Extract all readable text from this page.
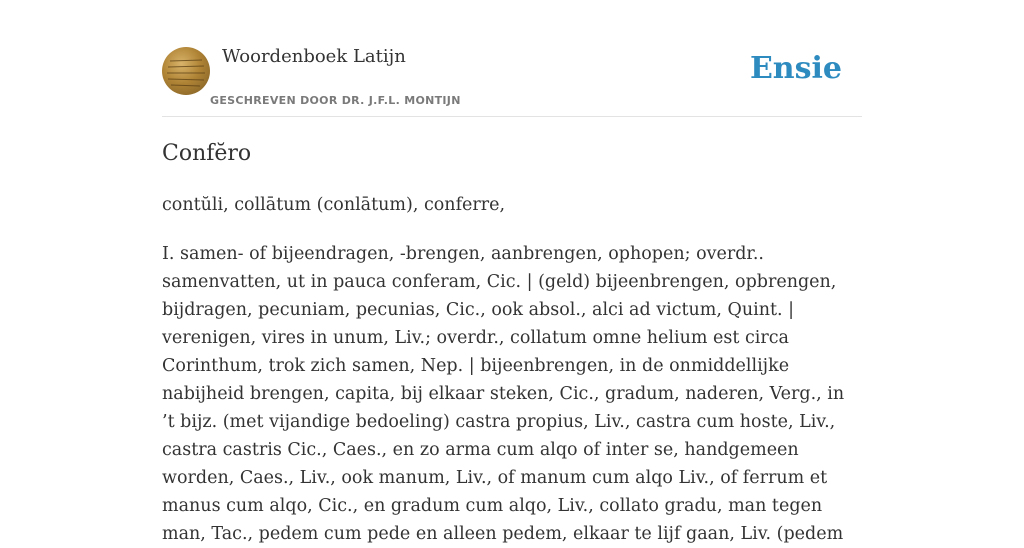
Woordenboek Latijn
GESCHREVEN DOOR DR. J.F.L. MONTIJN
Ensie
Confĕro
contŭli, collātum (conlātum), conferre,

I. samen- of bijeendragen, -brengen, aanbrengen, ophopen; overdr.. samenvatten, ut in pauca conferam, Cic. | (geld) bijeenbrengen, opbrengen, bijdragen, pecuniam, pecunias, Cic., ook absol., alci ad victum, Quint. | verenigen, vires in unum, Liv.; overdr., collatum omne helium est circa Corinthum, trok zich samen, Nep. | bijeenbrengen, in de onmiddellijke nabijheid brengen, capita, bij elkaar steken, Cic., gradum, naderen, Verg., in ’t bijz. (met vijandige bedoeling) castra propius, Liv., castra cum hoste, Liv., castra castris Cic., Caes., en zo arma cum alqo of inter se, handgemeen worden, Caes., Liv., ook manum, Liv., of manum cum alqo Liv., of ferrum et manus cum alqo, Cic., en gradum cum alqo, Liv., collato gradu, man tegen man, Tac., pedem cum pede en alleen pedem, elkaar te lijf gaan, Liv. (pedem
